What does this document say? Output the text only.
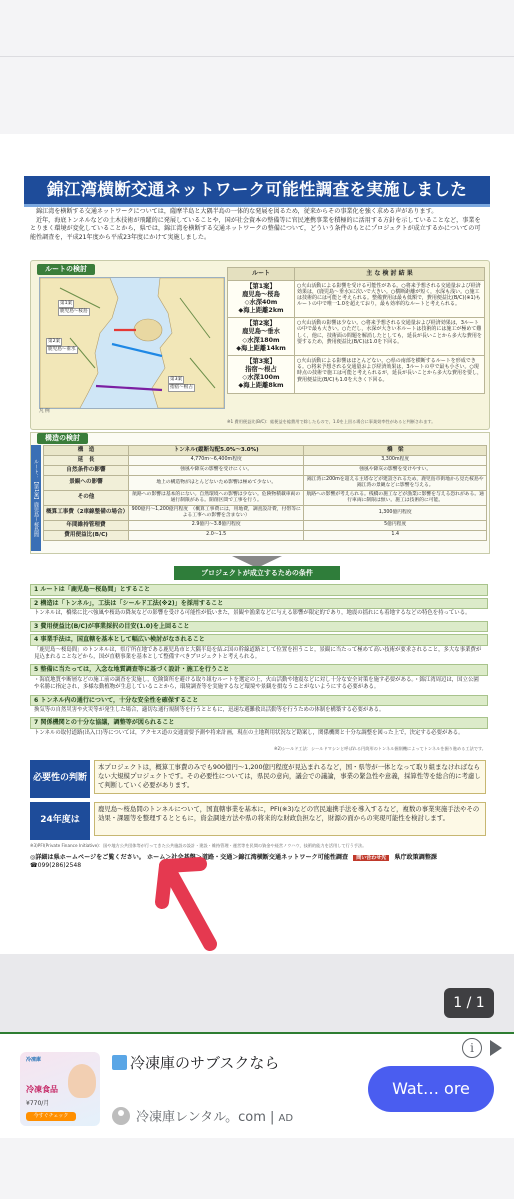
錦江湾横断交通ネットワーク可能性調査を実施しました

錦江湾を横断する交通ネットワークについては，薩摩半島と大隅半島の一体的な発展を図るため，従来からその事業化を強く求める声があります。

近年，海底トンネルなどの土木技術が飛躍的に発展していることや，国が社会資本の整備等に官民連携事業を積極的に活用する方針を示していることなど，事業をとりまく環境が変化していることから，県では，錦江湾を横断する交通ネットワークの整備について，どういう条件のもとにプロジェクトが成立するかについての可能性調査を，平成21年度から平成23年度にかけて実施しました。

ルートの検討
第1案
鹿児島〜桜島
第2案
鹿児島〜垂水
第3案
指宿〜根占
凡 例
ルート	主 な 検 討 結 果

【第1案】
鹿児島〜桜島
◇水深40m
◆海上距離2km	○火山活動による影響を受ける可能性がある。○将来予想される交通量および経済効果は，(鹿児島〜垂水)に次いで大きい。○横断距離が短く，水深も浅い。○施工は技術的には可能と考えられる。整備費用は最も低額で，費用便益比(B/C)(※1)もルートの中で唯一1.0を超えており，最も効率的なルートと考えられる。

【第2案】
鹿児島〜垂水
◇水深180m
◆海上距離14km	○火山活動の影響は少ない。○将来予想される交通量および経済効果は，3ルートの中で最も大きい。○ただし，水深が大きい本ルートは技術的には施工が極めて難しく，他に，技術面の問題を解消したとしても，延長が長いことから多大な費用を要するため，費用便益比(B/C)は1.0を下回る。

【第3案】
指宿〜根占
◇水深100m
◆海上距離8km	○火山活動による影響はほとんどない。○県の南部を横断するルートを形成できる。○将来予想される交通量および経済効果は，3ルートの中で最も小さい。○現時点の技術で施工は可能と考えられるが，延長が長いことから多大な費用を要し，費用便益比(B/C)も1.0を大きく下回る。
※1 費用便益比(B/C)：総便益を総費用で除したもので，1.0を上回る場合に事業効率性があると判断されます。
構造の検討
ルート：【第1案】鹿児島〜桜島間
構　造	トンネル(縦断勾配5.0%〜3.0%)	橋　梁
延　長	4,770m〜6,400m程度	3,300m程度
自然条件の影響	強風や降灰の影響を受けにくい。	強風や降灰の影響を受けやすい。
景観への影響	地上の構造物がほとんどないため影響は極めて少ない。	錦江湾に200mを超える主塔などが建設されるため，鹿児島市街地から見た桜島や錦江湾の景観などに影響を与える。
その他	航路への影響は基本的にない。自然環境への影響は少ない。危険物積載車両の通行制限がある。開削区間で工事を行う。	航路への影響が考えられる。桟橋の施工などが漁業に影響を与える恐れがある。通行車両に制限は無い。施工は技術的に可能。
概算工事費（2車線整備の場合）	900億円〜1,200億円程度　（概算工事費には，用地費，調査設計費，付帯等による工事への影響を含まない）	1,300億円程度
年間維持管理費	2.9億円〜3.8億円程度	5億円程度
費用便益比(B/C)	2.0〜1.5	1.4
プロジェクトが成立するための条件
1 ルートは「鹿児島〜桜島間」とすること
2 構造は「トンネル」，工法は「シールド工法(※2)」を採用すること
トンネルは，橋梁に比べ強風や桜島の降灰などの影響を受ける可能性が低いまた，景観や漁業などに与える影響が限定的であり，地震の揺れにも着地するなどの特色を持っている。
3 費用便益比(B/C)が事業採択の目安(1.0)を上回ること
4 事業手法は，国直轄を基本として幅広い検討がなされること
「鹿児島〜桜島間」のトンネルは，県庁所在地である鹿児島市と大隅半島を結ぶ国の幹線道路として位置を担うこと，景観に当たって極めて高い技術が要求されること，多大な事業費が見込まれることなどから，国が直轄事業を基本として整備すべきプロジェクトと考えられる。
5 整備に当たっては，入念な地質調査等に基づく設計・施工を行うこと
・海底地質や断層などの施工前の調査を実施し，危険箇所を避ける取り組むルートを選定の上，火山活動や地震などに対し十分な安全対策を施す必要がある。・錦江湾周辺は，国立公園や名勝に指定され，多様な動植物が生息していることから，環境調査等を実施するなど環境や景観を損なうことがないようにする必要がある。
6 トンネル内の通行について，十分な安全性を確保すること
換気等の自然災害や火災等が発生した場合，適切な通行規制等を行うとともに，迅速な避難救出活動等を行うための体制を構築する必要がある。
7 関係機関との十分な協議，調整等が図られること
トンネルの取付道路(出入口)等については，アクセス道の交通需要予測や将来計画，現在の土地利用状況など勘案し，関係機関と十分な調整を図った上で，決定する必要がある。
※2)シールド工法：シールドマシンと呼ばれる円筒形のトンネル掘削機によってトンネルを掘り進める工法です。
必要性の判断
本プロジェクトは，概算工事費のみでも900億円〜1,200億円程度が見込まれるなど，国・県等が一体となって取り組まなければならない大規模プロジェクトです。その必要性については，県民の意向，議会での議論，事業の緊急性や意義，採算性等を総合的に考慮して判断していく必要があります。
24年度は
鹿児島〜桜島間のトンネルについて，国直轄事業を基本に，PFI(※3)などの官民連携手法を導入するなど，複数の事業実施手法やその効果・課題等を整理するとともに，資金調達方法や県の将来的な財政負担など，財源の面からの実現可能性を検討します。
※3)PFI(Private Finance Initiative)：国や地方公共団体等が行ってきた公共施設の設計・建設・維持管理・運営等を民間の資金や経営ノウハウ，技術的能力を活用して行う手法。
◎詳細は県ホームページをご覧ください。 ホーム＞社会基盤＞道路・交通＞錦江湾横断交通ネットワーク可能性調査 問い合わせ先 県庁政策調整課 ☎099(286)2548
1 / 1
冷凍庫
冷凍食品
¥770/月
今すぐチェック
冷凍庫のサブスクなら
冷凍庫レンタル。com | AD
i
Wat… ore
